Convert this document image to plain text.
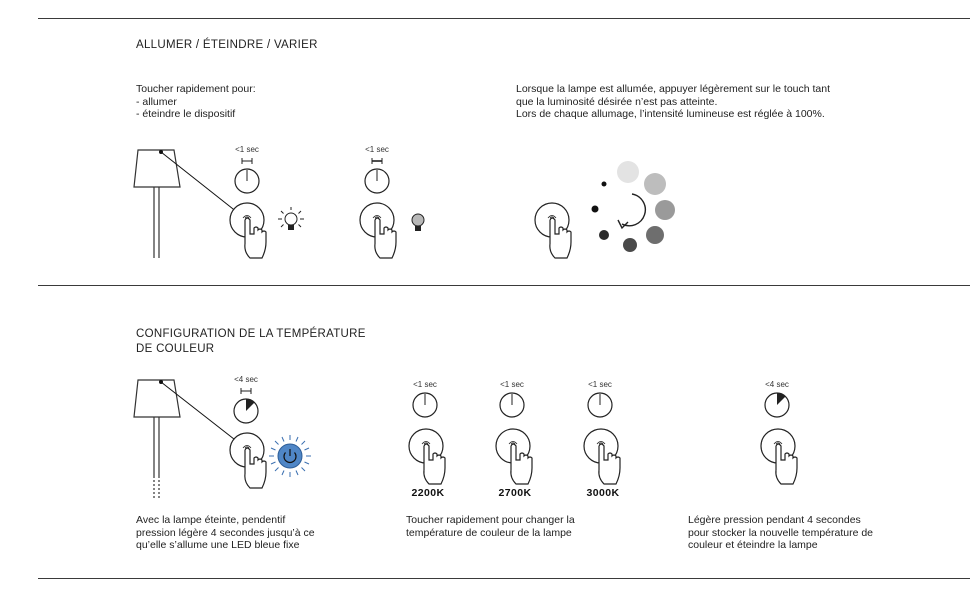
ALLUMER / ÉTEINDRE / VARIER
Toucher rapidement pour:
- allumer
- éteindre le dispositif
Lorsque la lampe est allumée, appuyer légèrement sur le touch tant
que la luminosité désirée n’est pas atteinte.
Lors de chaque allumage, l’intensité lumineuse est réglée à 100%.
<1 sec	<1 sec
CONFIGURATION DE LA TEMPÉRATURE
DE COULEUR
<4 sec
<1 sec
2200K
<1 sec
2700K
<1 sec
3000K
<4 sec
Avec la lampe éteinte, pendentif
pression légère 4 secondes jusqu’à ce
qu’elle s’allume une LED bleue fixe
Toucher rapidement pour changer la
température de couleur de la lampe
Légère pression pendant 4 secondes
pour stocker la nouvelle température de
couleur et éteindre la lampe
